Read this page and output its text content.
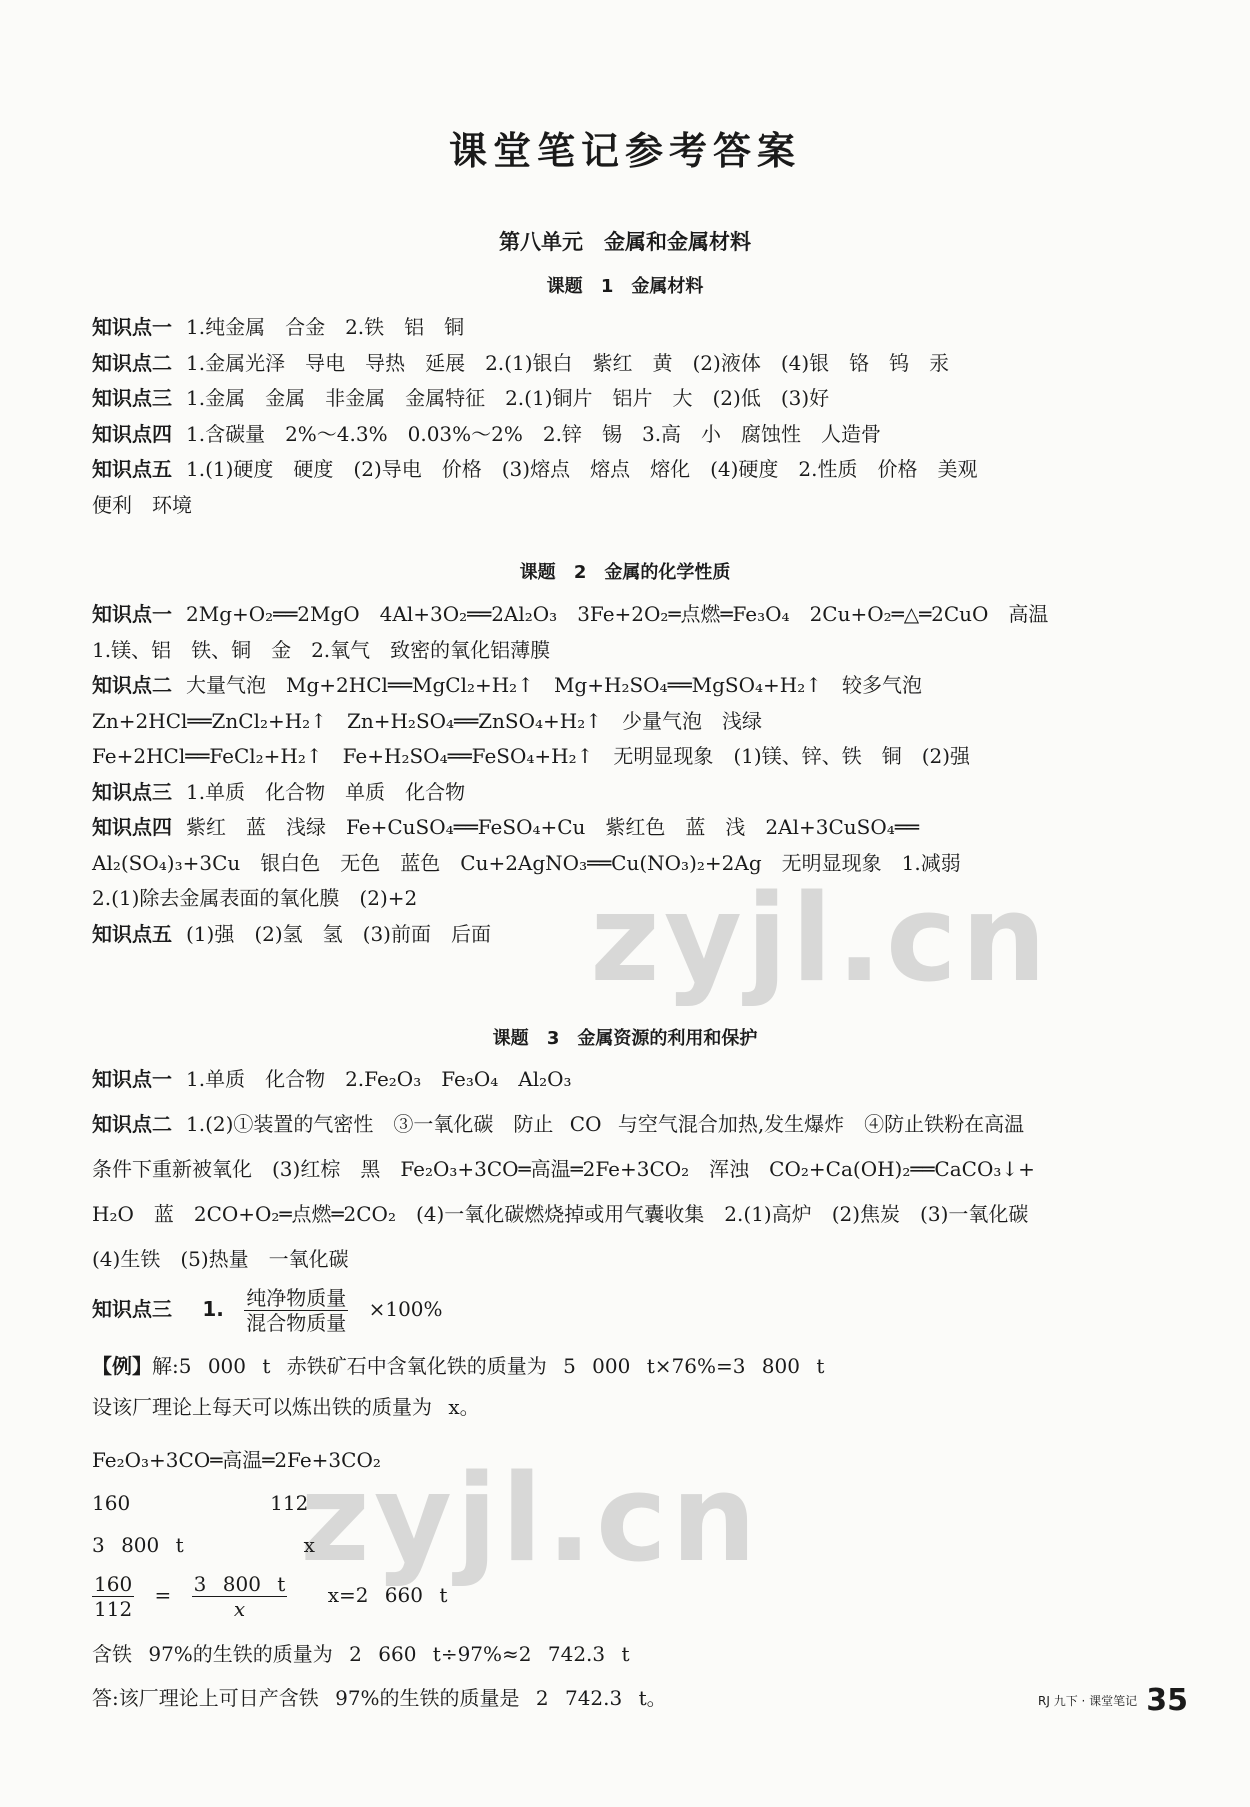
课堂笔记参考答案
第八单元　金属和金属材料
课题 1　金属材料
知识点一 1.纯金属　合金　2.铁　铝　铜
知识点二 1.金属光泽　导电　导热　延展　2.(1)银白　紫红　黄　(2)液体　(4)银　铬　钨　汞
知识点三 1.金属　金属　非金属　金属特征　2.(1)铜片　铝片　大　(2)低　(3)好
知识点四 1.含碳量　2%～4.3%　0.03%～2%　2.锌　锡　3.高　小　腐蚀性　人造骨
知识点五 1.(1)硬度　硬度　(2)导电　价格　(3)熔点　熔点　熔化　(4)硬度　2.性质　价格　美观
便利　环境
课题 2　金属的化学性质
知识点一 2Mg+O₂══2MgO　4Al+3O₂══2Al₂O₃　3Fe+2O₂═点燃═Fe₃O₄　2Cu+O₂═△═2CuO　高温
1.镁、铝　铁、铜　金　2.氧气　致密的氧化铝薄膜
知识点二 大量气泡　Mg+2HCl══MgCl₂+H₂↑　Mg+H₂SO₄══MgSO₄+H₂↑　较多气泡
Zn+2HCl══ZnCl₂+H₂↑　Zn+H₂SO₄══ZnSO₄+H₂↑　少量气泡　浅绿
Fe+2HCl══FeCl₂+H₂↑　Fe+H₂SO₄══FeSO₄+H₂↑　无明显现象　(1)镁、锌、铁　铜　(2)强
知识点三 1.单质　化合物　单质　化合物
知识点四 紫红　蓝　浅绿　Fe+CuSO₄══FeSO₄+Cu　紫红色　蓝　浅　2Al+3CuSO₄══
Al₂(SO₄)₃+3Cu　银白色　无色　蓝色　Cu+2AgNO₃══Cu(NO₃)₂+2Ag　无明显现象　1.减弱
2.(1)除去金属表面的氧化膜　(2)+2
知识点五 (1)强　(2)氢　氢　(3)前面　后面
课题 3　金属资源的利用和保护
知识点一 1.单质　化合物　2.Fe₂O₃　Fe₃O₄　Al₂O₃
知识点二 1.(2)①装置的气密性　③一氧化碳　防止 CO 与空气混合加热,发生爆炸　④防止铁粉在高温
条件下重新被氧化　(3)红棕　黑　Fe₂O₃+3CO═高温═2Fe+3CO₂　浑浊　CO₂+Ca(OH)₂══CaCO₃↓+
H₂O　蓝　2CO+O₂═点燃═2CO₂　(4)一氧化碳燃烧掉或用气囊收集　2.(1)高炉　(2)焦炭　(3)一氧化碳
(4)生铁　(5)热量　一氧化碳
知识点三 1. $\frac{\text{纯净物质量}}{\text{混合物质量}} \times 100\%$
【例】解:5 000 t 赤铁矿石中含氧化铁的质量为 5 000 t×76%=3 800 t
设该厂理论上每天可以炼出铁的质量为 x。
Fe₂O₃+3CO═高温═2Fe+3CO₂
160　　　　　　　112
3 800 t　　　　　　x
$\frac{160}{112} = \frac{3 800 t}{x} x=2$ 660 t
含铁 97%的生铁的质量为 2 660 t÷97%≈2 742.3 t
答:该厂理论上可日产含铁 97%的生铁的质量是 2 742.3 t。	RJ 九下 · 课堂笔记 35
zyjl.cn
zyjl.cn
